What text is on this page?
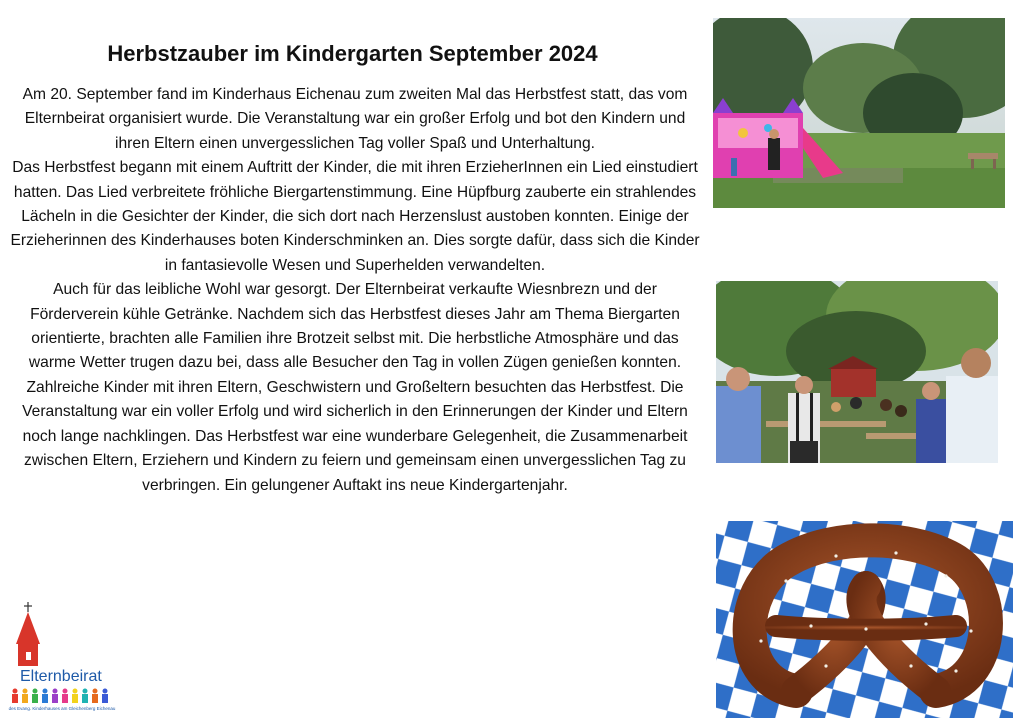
Herbstzauber im Kindergarten September 2024

Am 20. September fand im Kinderhaus Eichenau zum zweiten Mal das Herbstfest statt, das vom Elternbeirat organisiert wurde. Die Veranstaltung war ein großer Erfolg und bot den Kindern und ihren Eltern einen unvergesslichen Tag voller Spaß und Unterhaltung.

Das Herbstfest begann mit einem Auftritt der Kinder, die mit ihren ErzieherInnen ein Lied einstudiert hatten. Das Lied verbreitete fröhliche Biergartenstimmung. Eine Hüpfburg zauberte ein strahlendes Lächeln in die Gesichter der Kinder, die sich dort nach Herzenslust austoben konnten. Einige der Erzieherinnen des Kinderhauses boten Kinderschminken an. Dies sorgte dafür, dass sich die Kinder in fantasievolle Wesen und Superhelden verwandelten.

Auch für das leibliche Wohl war gesorgt. Der Elternbeirat verkaufte Wiesnbrezn und der Förderverein kühle Getränke. Nachdem sich das Herbstfest dieses Jahr am Thema Biergarten orientierte, brachten alle Familien ihre Brotzeit selbst mit. Die herbstliche Atmosphäre und das warme Wetter trugen dazu bei, dass alle Besucher den Tag in vollen Zügen genießen konnten.

Zahlreiche Kinder mit ihren Eltern, Geschwistern und Großeltern besuchten das Herbstfest. Die Veranstaltung war ein voller Erfolg und wird sicherlich in den Erinnerungen der Kinder und Eltern noch lange nachklingen. Das Herbstfest war eine wunderbare Gelegenheit, die Zusammenarbeit zwischen Eltern, Erziehern und Kindern zu feiern und gemeinsam einen unvergesslichen Tag zu verbringen. Ein gelungener Auftakt ins neue Kindergartenjahr.

Elternbeirat
des Evang. Kinderhauses am Gleichenberg Eichenau
